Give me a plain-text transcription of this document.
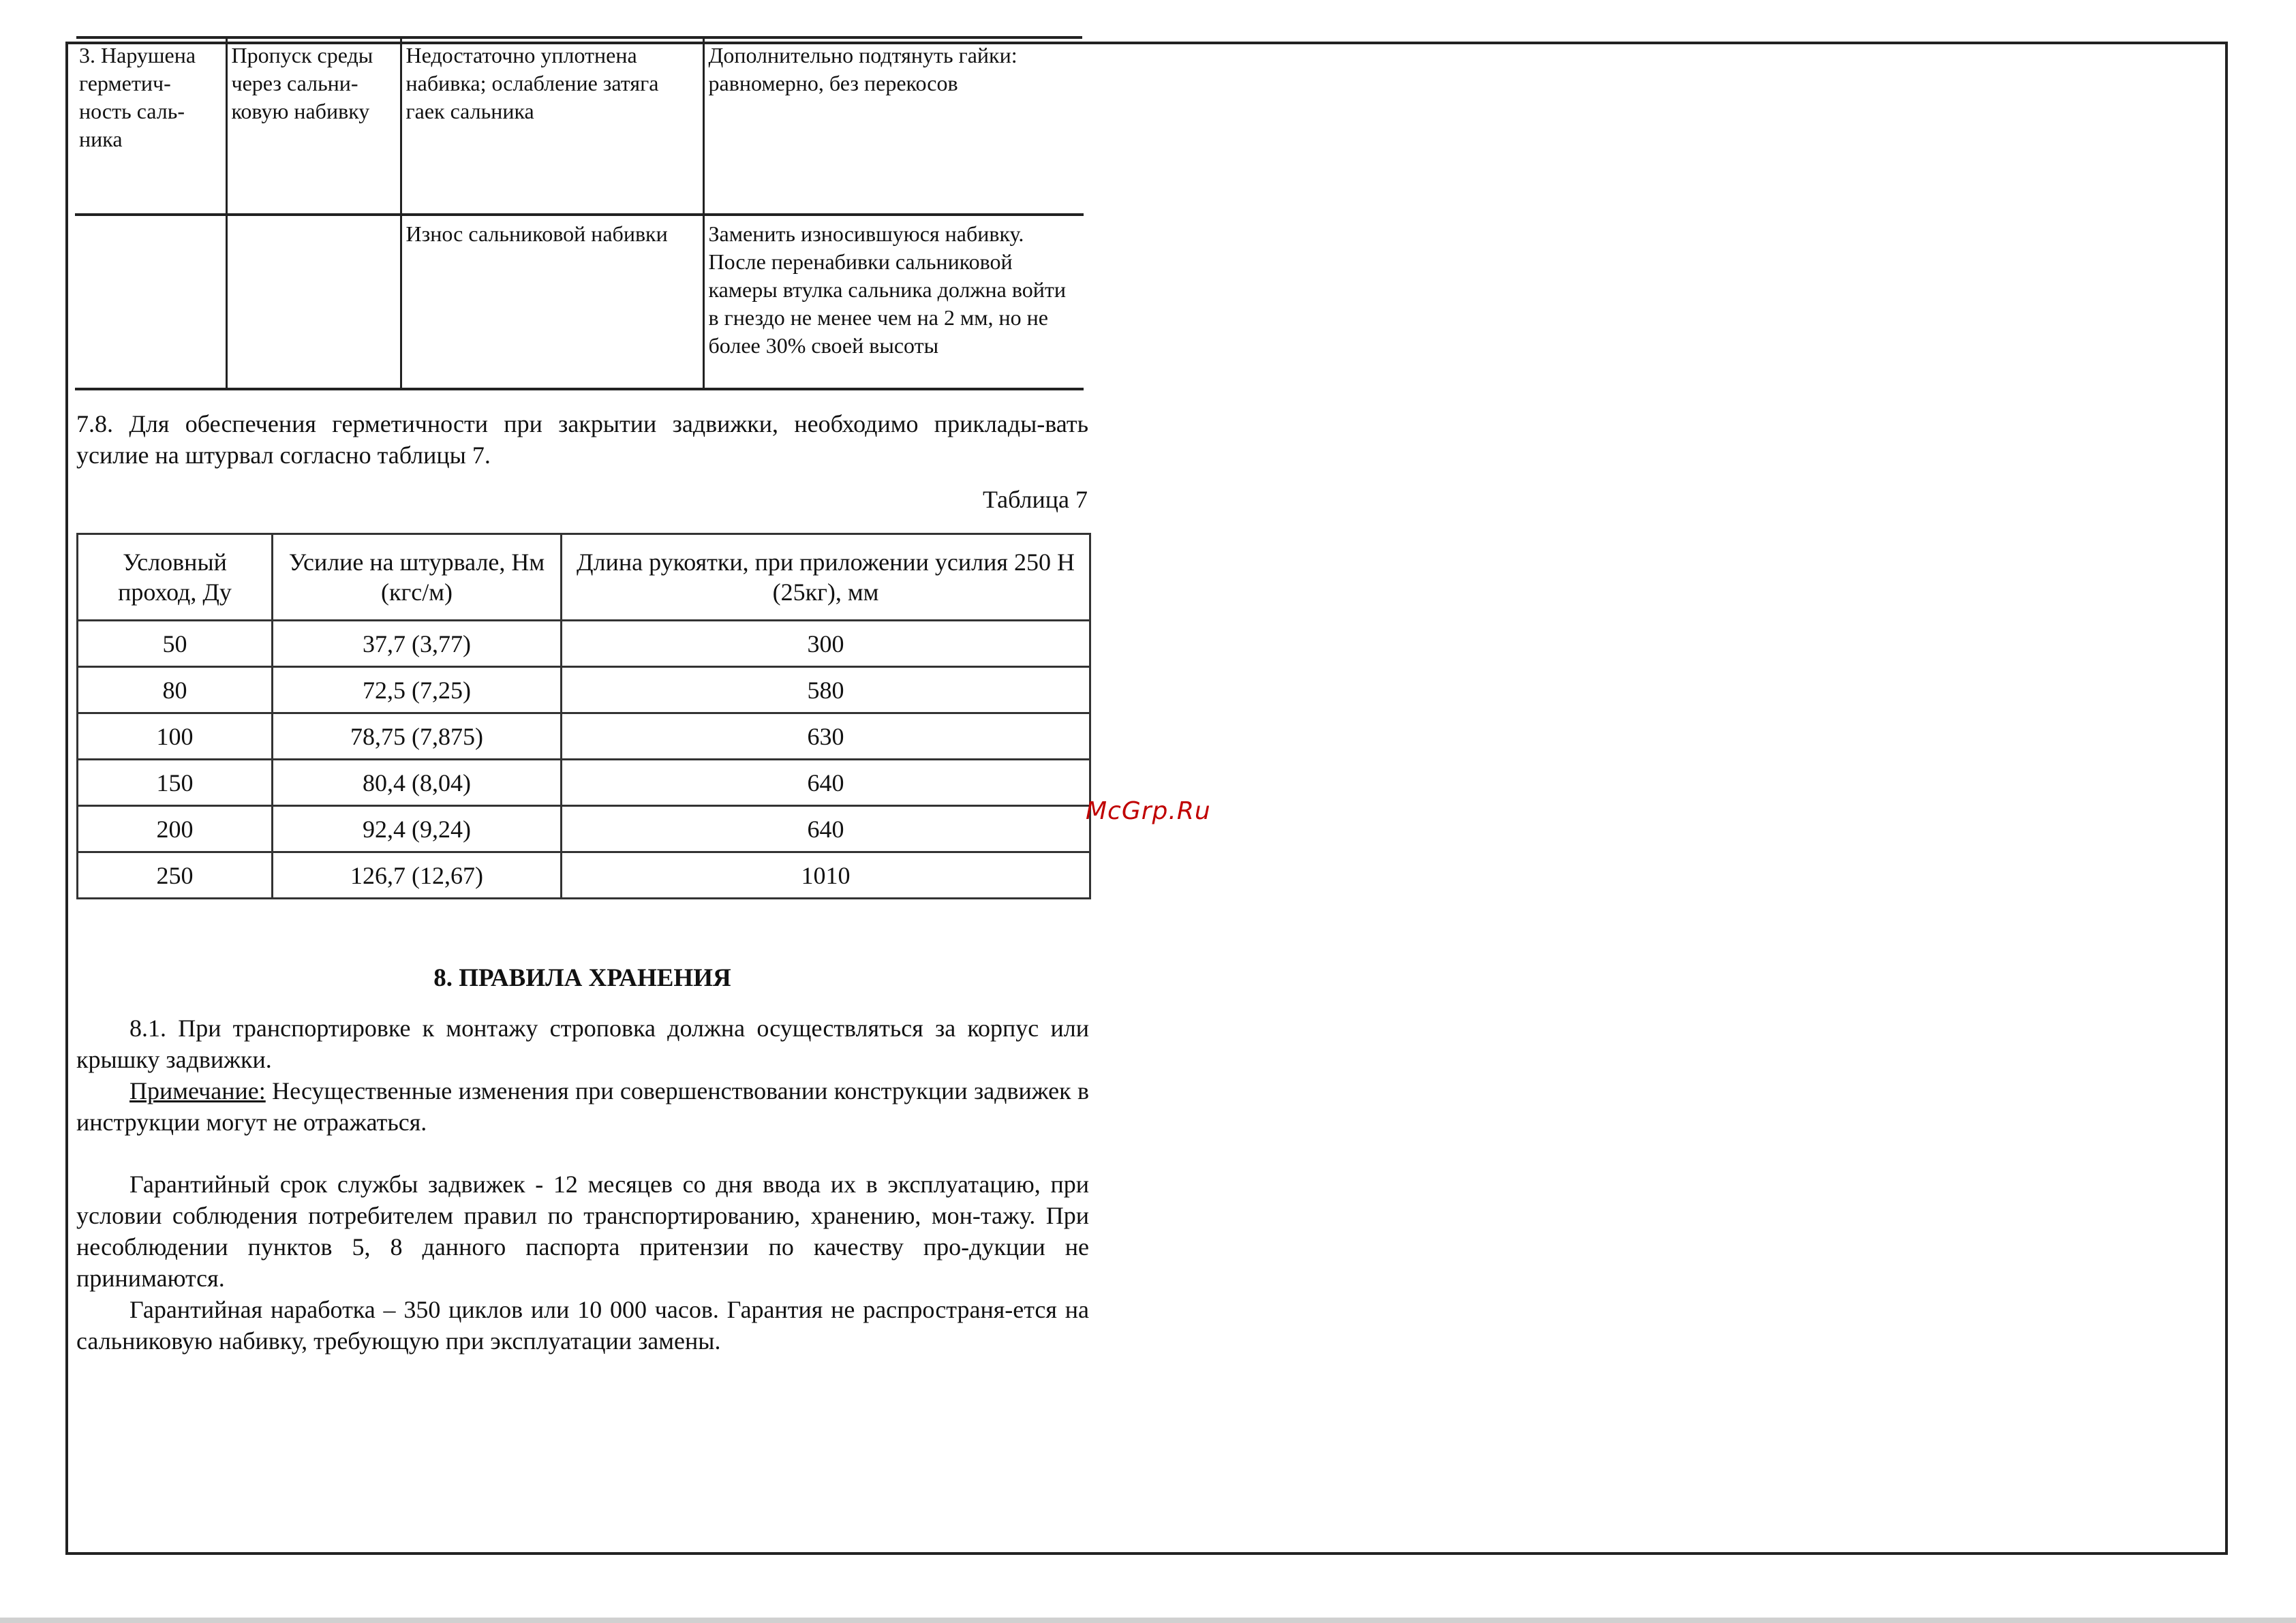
3. Нарушена герметич-ность саль-ника	Пропуск среды через сальни-ковую набивку	Недостаточно уплотнена набивка; ослабление затяга гаек сальника	Дополнительно подтянуть гайки: равномерно, без перекосов
		Износ сальниковой набивки	Заменить износившуюся набивку. После перенабивки сальниковой камеры втулка сальника должна войти в гнездо не менее чем на 2 мм, но не более 30% своей высоты
7.8. Для обеспечения герметичности при закрытии задвижки, необходимо приклады-вать усилие на штурвал согласно таблицы 7.
Таблица 7
Условный проход, Ду	Усилие на штурвале, Нм (кгс/м)	Длина рукоятки, при приложении усилия 250 Н (25кг), мм
50	37,7 (3,77)	300
80	72,5 (7,25)	580
100	78,75 (7,875)	630
150	80,4 (8,04)	640
200	92,4 (9,24)	640
250	126,7 (12,67)	1010
8. ПРАВИЛА ХРАНЕНИЯ
8.1. При транспортировке к монтажу строповка должна осуществляться за корпус или крышку задвижки.
Примечание: Несущественные изменения при совершенствовании конструкции задвижек в инструкции могут не отражаться.
Гарантийный срок службы задвижек - 12 месяцев со дня ввода их в эксплуатацию, при условии соблюдения потребителем правил по транспортированию, хранению, мон-тажу. При несоблюдении пунктов 5, 8 данного паспорта притензии по качеству про-дукции не принимаются.
Гарантийная наработка – 350 циклов или 10 000 часов. Гарантия не распространя-ется на сальниковую набивку, требующую при эксплуатации замены.
McGrp.Ru
